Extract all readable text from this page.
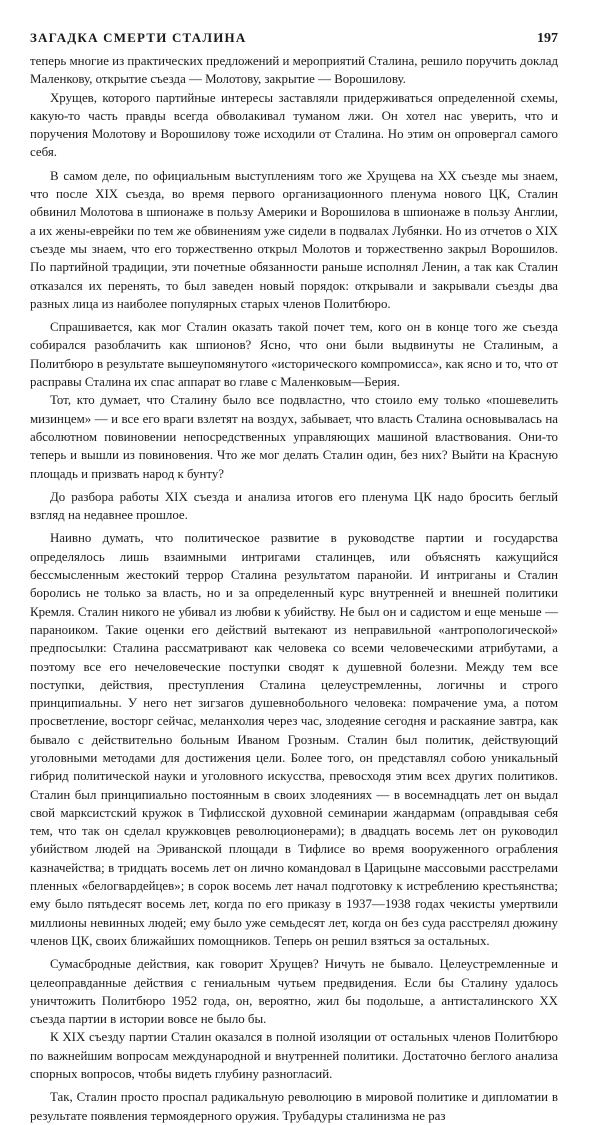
ЗАГАДКА СМЕРТИ СТАЛИНА	197

теперь многие из практических предложений и мероприятий Сталина, решило поручить доклад Маленкову, открытие съезда — Молотову, закрытие — Ворошилову.

Хрущев, которого партийные интересы заставляли придерживаться определенной схемы, какую-то часть правды всегда обволакивал туманом лжи. Он хотел нас уверить, что и поручения Молотову и Ворошилову тоже исходили от Сталина. Но этим он опровергал самого себя.

В самом деле, по официальным выступлениям того же Хрущева на XX съезде мы знаем, что после XIX съезда, во время первого организационного пленума нового ЦК, Сталин обвинил Молотова в шпионаже в пользу Америки и Ворошилова в шпионаже в пользу Англии, а их жены-еврейки по тем же обвинениям уже сидели в подвалах Лубянки. Но из отчетов о XIX съезде мы знаем, что его торжественно открыл Молотов и торжественно закрыл Ворошилов. По партийной традиции, эти почетные обязанности раньше исполнял Ленин, а так как Сталин отказался их перенять, то был заведен новый порядок: открывали и закрывали съезды два разных лица из наиболее популярных старых членов Политбюро.

Спрашивается, как мог Сталин оказать такой почет тем, кого он в конце того же съезда собирался разоблачить как шпионов? Ясно, что они были выдвинуты не Сталиным, а Политбюро в результате вышеупомянутого «исторического компромисса», как ясно и то, что от расправы Сталина их спас аппарат во главе с Маленковым—Берия.

Тот, кто думает, что Сталину было все подвластно, что стоило ему только «пошевелить мизинцем» — и все его враги взлетят на воздух, забывает, что власть Сталина основывалась на абсолютном повиновении непосредственных управляющих машиной властвования. Они-то теперь и вышли из повиновения. Что же мог делать Сталин один, без них? Выйти на Красную площадь и призвать народ к бунту?

До разбора работы XIX съезда и анализа итогов его пленума ЦК надо бросить беглый взгляд на недавнее прошлое.

Наивно думать, что политическое развитие в руководстве партии и государства определялось лишь взаимными интригами сталинцев, или объяснять кажущийся бессмысленным жестокий террор Сталина результатом паранойи. И интриганы и Сталин боролись не только за власть, но и за определенный курс внутренней и внешней политики Кремля. Сталин никого не убивал из любви к убийству. Не был он и садистом и еще меньше — параноиком. Такие оценки его действий вытекают из неправильной «антропологической» предпосылки: Сталина рассматривают как человека со всеми человеческими атрибутами, а поэтому все его нечеловеческие поступки сводят к душевной болезни. Между тем все поступки, действия, преступления Сталина целеустремленны, логичны и строго принципиальны. У него нет зигзагов душевнобольного человека: помрачение ума, а потом просветление, восторг сейчас, меланхолия через час, злодеяние сегодня и раскаяние завтра, как бывало с действительно больным Иваном Грозным. Сталин был политик, действующий уголовными методами для достижения цели. Более того, он представлял собою уникальный гибрид политической науки и уголовного искусства, превосходя этим всех других политиков. Сталин был принципиально постоянным в своих злодеяниях — в восемнадцать лет он выдал свой марксистский кружок в Тифлисской духовной семинарии жандармам (оправдывая себя тем, что так он сделал кружковцев революционерами); в двадцать восемь лет он руководил убийством людей на Эриванской площади в Тифлисе во время вооруженного ограбления казначейства; в тридцать восемь лет он лично командовал в Царицыне массовыми расстрелами пленных «белогвардейцев»; в сорок восемь лет начал подготовку к истреблению крестьянства; ему было пятьдесят восемь лет, когда по его приказу в 1937—1938 годах чекисты умертвили миллионы невинных людей; ему было уже семьдесят лет, когда он без суда расстрелял дюжину членов ЦК, своих ближайших помощников. Теперь он решил взяться за остальных.

Сумасбродные действия, как говорит Хрущев? Ничуть не бывало. Целеустремленные и целеоправданные действия с гениальным чутьем предвидения. Если бы Сталину удалось уничтожить Политбюро 1952 года, он, вероятно, жил бы подольше, а антисталинского XX съезда партии в истории вовсе не было бы.

К XIX съезду партии Сталин оказался в полной изоляции от остальных членов Политбюро по важнейшим вопросам международной и внутренней политики. Достаточно беглого анализа спорных вопросов, чтобы видеть глубину разногласий.

Так, Сталин просто проспал радикальную революцию в мировой политике и дипломатии в результате появления термоядерного оружия. Трубадуры сталинизма не раз
